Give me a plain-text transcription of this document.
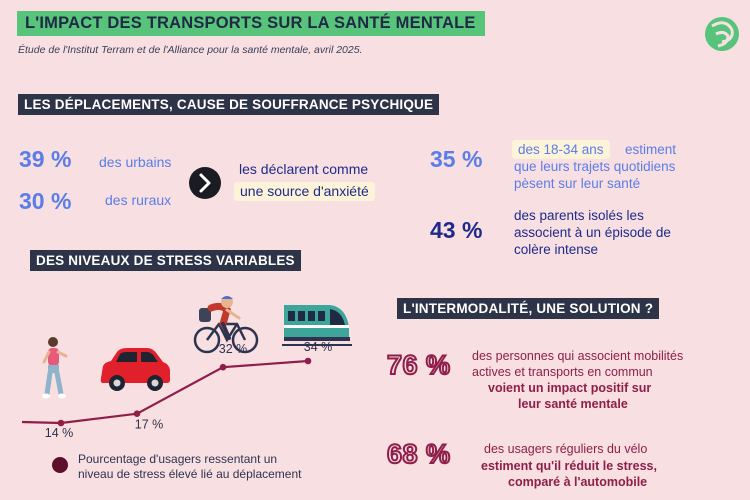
L'IMPACT DES TRANSPORTS SUR LA SANTÉ MENTALE
Étude de l'Institut Terram et de l'Alliance pour la santé mentale, avril 2025.
LES DÉPLACEMENTS, CAUSE DE SOUFFRANCE PSYCHIQUE
39 % des urbains
30 % des ruraux
les déclarent comme
une source d'anxiété
35 %	des 18-34 ans	estiment
que leurs trajets quotidiens
pèsent sur leur santé
43 %
des parents isolés les
associent à un épisode de
colère intense
DES NIVEAUX DE STRESS VARIABLES
14 %
17 %
32 %	34 %
Pourcentage d'usagers ressentant un
niveau de stress élevé lié au déplacement
L'INTERMODALITÉ, UNE SOLUTION ?
76 % des personnes qui associent mobilités
actives et transports en commun
voient un impact positif sur
leur santé mentale
68 %	des usagers réguliers du vélo
estiment qu'il réduit le stress,
comparé à l'automobile
